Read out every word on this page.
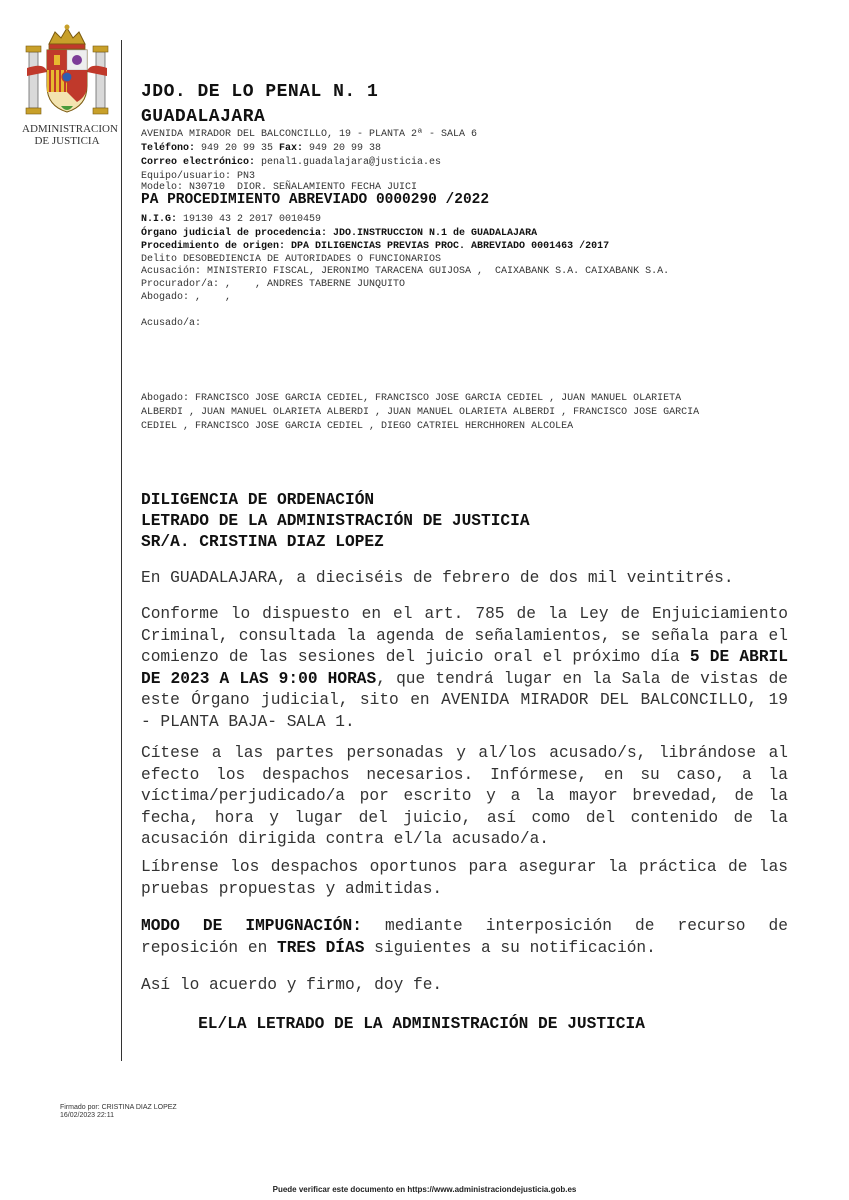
ADMINISTRACION
DE JUSTICIA
JDO. DE LO PENAL N. 1
GUADALAJARA
AVENIDA MIRADOR DEL BALCONCILLO, 19 - PLANTA 2ª - SALA 6
Teléfono: 949 20 99 35 Fax: 949 20 99 38
Correo electrónico: penal1.guadalajara@justicia.es
Equipo/usuario: PN3
Modelo: N30710  DIOR. SEÑALAMIENTO FECHA JUICI
PA PROCEDIMIENTO ABREVIADO 0000290 /2022
N.I.G: 19130 43 2 2017 0010459
Órgano judicial de procedencia: JDO.INSTRUCCION N.1 de GUADALAJARA
Procedimiento de origen: DPA DILIGENCIAS PREVIAS PROC. ABREVIADO 0001463 /2017
Delito DESOBEDIENCIA DE AUTORIDADES O FUNCIONARIOS
Acusación: MINISTERIO FISCAL, JERONIMO TARACENA GUIJOSA ,  CAIXABANK S.A. CAIXABANK S.A.
Procurador/a: ,    , ANDRES TABERNE JUNQUITO
Abogado: ,    ,
Acusado/a:
Abogado: FRANCISCO JOSE GARCIA CEDIEL, FRANCISCO JOSE GARCIA CEDIEL , JUAN MANUEL OLARIETA
ALBERDI , JUAN MANUEL OLARIETA ALBERDI , JUAN MANUEL OLARIETA ALBERDI , FRANCISCO JOSE GARCIA
CEDIEL , FRANCISCO JOSE GARCIA CEDIEL , DIEGO CATRIEL HERCHHOREN ALCOLEA
DILIGENCIA DE ORDENACIÓN
LETRADO DE LA ADMINISTRACIÓN DE JUSTICIA
SR/A. CRISTINA DIAZ LOPEZ
En GUADALAJARA, a dieciséis de febrero de dos mil veintitrés.
Conforme lo dispuesto en el art. 785 de la Ley de Enjuiciamiento Criminal, consultada la agenda de señalamientos, se señala para el comienzo de las sesiones del juicio oral el próximo día 5 DE ABRIL DE 2023 A LAS 9:00 HORAS, que tendrá lugar en la Sala de vistas de este Órgano judicial, sito en AVENIDA MIRADOR DEL BALCONCILLO, 19 - PLANTA BAJA- SALA 1.
Cítese a las partes personadas y al/los acusado/s, librándose al efecto los despachos necesarios. Infórmese, en su caso, a la víctima/perjudicado/a por escrito y a la mayor brevedad, de la fecha, hora y lugar del juicio, así como del contenido de la acusación dirigida contra el/la acusado/a.
Líbrense los despachos oportunos para asegurar la práctica de las pruebas propuestas y admitidas.
MODO DE IMPUGNACIÓN: mediante interposición de recurso de reposición en TRES DÍAS siguientes a su notificación.
Así lo acuerdo y firmo, doy fe.
EL/LA LETRADO DE LA ADMINISTRACIÓN DE JUSTICIA
Firmado por: CRISTINA DIAZ LOPEZ
16/02/2023 22:11
Puede verificar este documento en https://www.administraciondejusticia.gob.es
